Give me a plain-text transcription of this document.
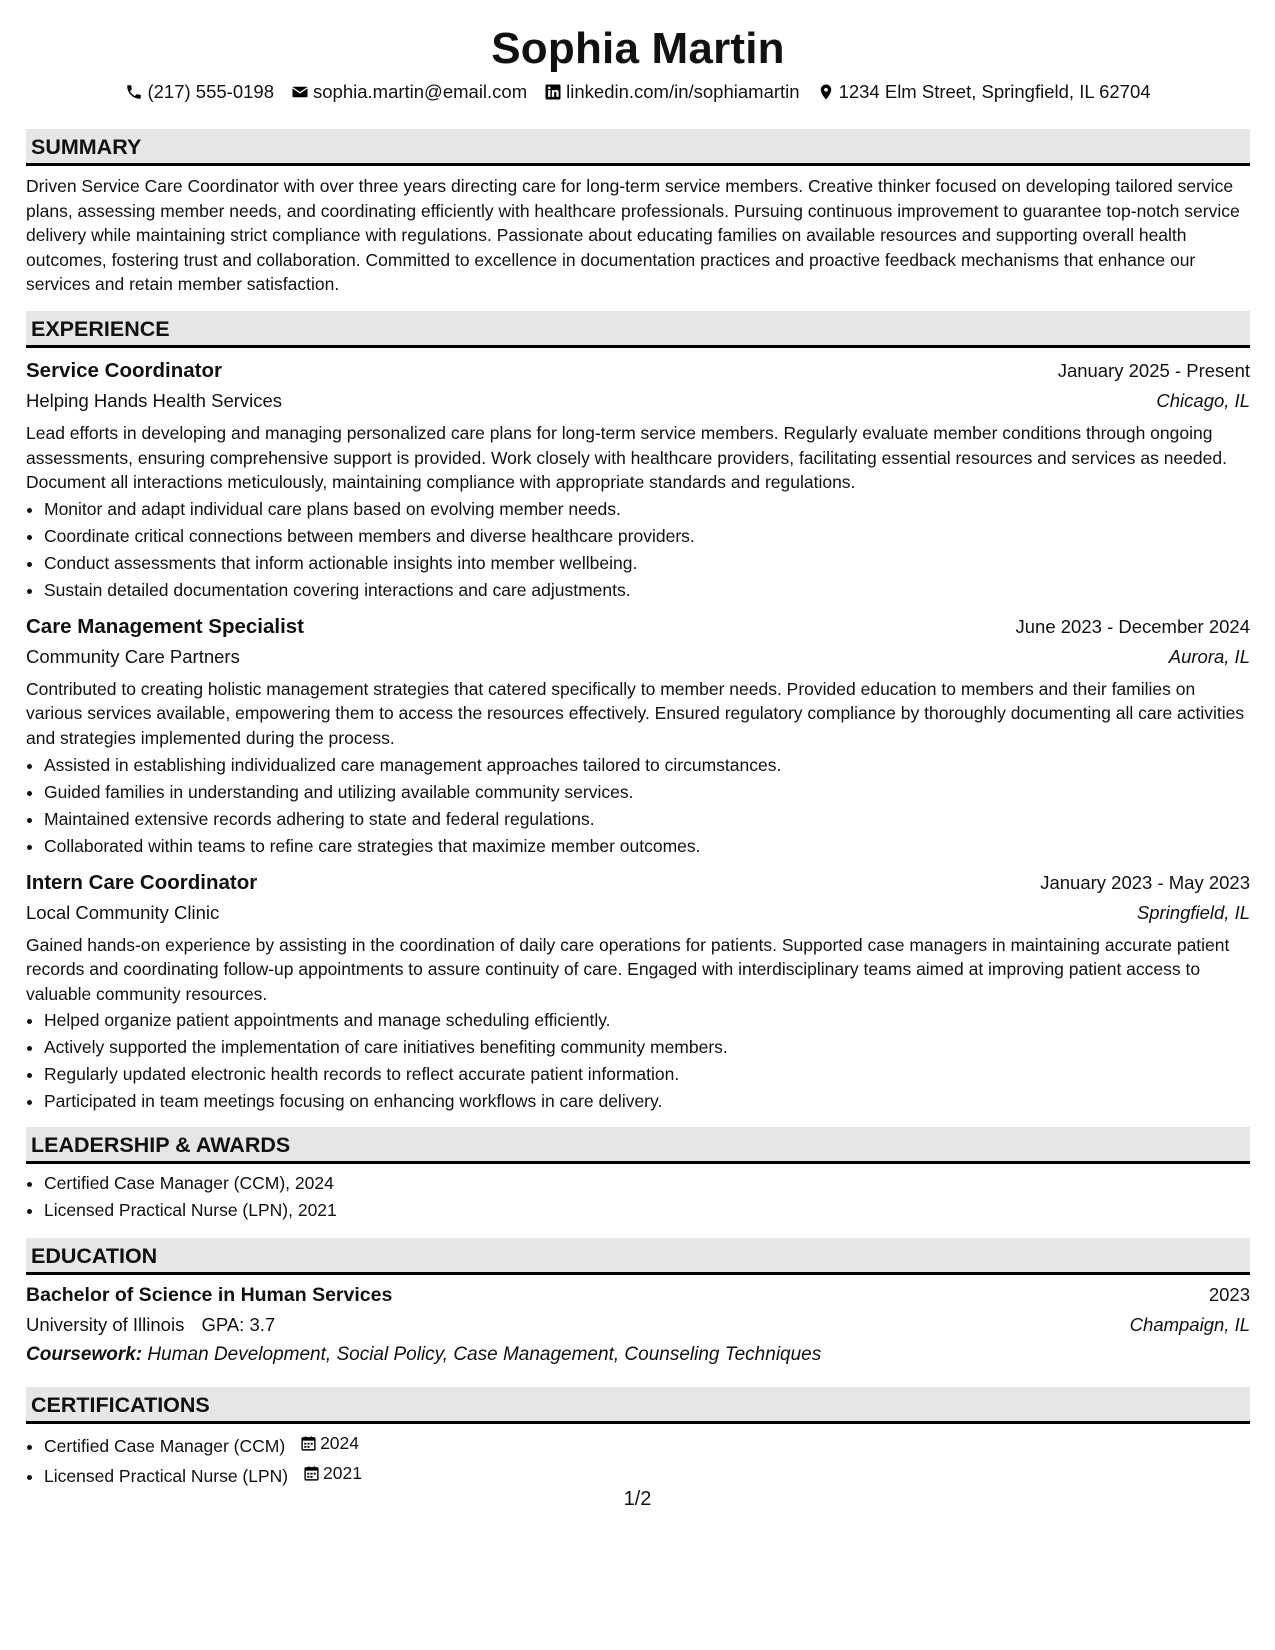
Sophia Martin
(217) 555-0198 sophia.martin@email.com linkedin.com/in/sophiamartin 1234 Elm Street, Springfield, IL 62704
SUMMARY

Driven Service Care Coordinator with over three years directing care for long-term service members. Creative thinker focused on developing tailored service plans, assessing member needs, and coordinating efficiently with healthcare professionals. Pursuing continuous improvement to guarantee top-notch service delivery while maintaining strict compliance with regulations. Passionate about educating families on available resources and supporting overall health outcomes, fostering trust and collaboration. Committed to excellence in documentation practices and proactive feedback mechanisms that enhance our services and retain member satisfaction.

EXPERIENCE
Service Coordinator	January 2025 - Present
Helping Hands Health Services	Chicago, IL
Lead efforts in developing and managing personalized care plans for long-term service members. Regularly evaluate member conditions through ongoing assessments, ensuring comprehensive support is provided. Work closely with healthcare providers, facilitating essential resources and services as needed. Document all interactions meticulously, maintaining compliance with appropriate standards and regulations.
• Monitor and adapt individual care plans based on evolving member needs.
• Coordinate critical connections between members and diverse healthcare providers.
• Conduct assessments that inform actionable insights into member wellbeing.
• Sustain detailed documentation covering interactions and care adjustments.
Care Management Specialist	June 2023 - December 2024
Community Care Partners	Aurora, IL
Contributed to creating holistic management strategies that catered specifically to member needs. Provided education to members and their families on various services available, empowering them to access the resources effectively. Ensured regulatory compliance by thoroughly documenting all care activities and strategies implemented during the process.
• Assisted in establishing individualized care management approaches tailored to circumstances.
• Guided families in understanding and utilizing available community services.
• Maintained extensive records adhering to state and federal regulations.
• Collaborated within teams to refine care strategies that maximize member outcomes.
Intern Care Coordinator	January 2023 - May 2023
Local Community Clinic	Springfield, IL
Gained hands-on experience by assisting in the coordination of daily care operations for patients. Supported case managers in maintaining accurate patient records and coordinating follow-up appointments to assure continuity of care. Engaged with interdisciplinary teams aimed at improving patient access to valuable community resources.
• Helped organize patient appointments and manage scheduling efficiently.
• Actively supported the implementation of care initiatives benefiting community members.
• Regularly updated electronic health records to reflect accurate patient information.
• Participated in team meetings focusing on enhancing workflows in care delivery.
LEADERSHIP & AWARDS
• Certified Case Manager (CCM), 2024
• Licensed Practical Nurse (LPN), 2021
EDUCATION
Bachelor of Science in Human Services	2023
University of Illinois GPA: 3.7	Champaign, IL
Coursework: Human Development, Social Policy, Case Management, Counseling Techniques
CERTIFICATIONS
• Certified Case Manager (CCM) 2024
• Licensed Practical Nurse (LPN) 2021
1/2
